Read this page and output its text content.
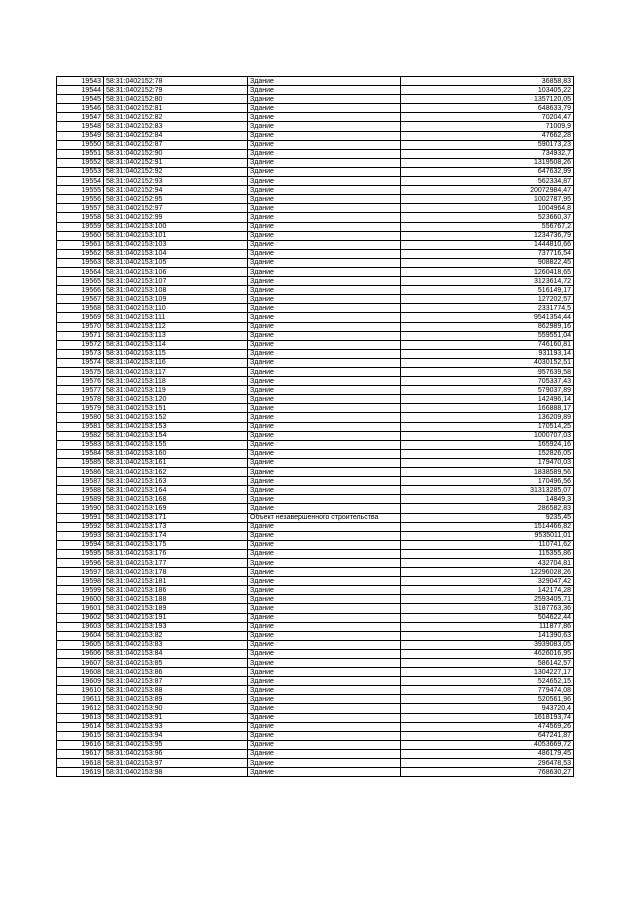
19543	58:31:0402152:78	Здание	36858,83
19544	58:31:0402152:79	Здание	103405,22
19545	58:31:0402152:80	Здание	1357120,05
19546	58:31:0402152:81	Здание	648633,79
19547	58:31:0402152:82	Здание	70204,47
19548	58:31:0402152:83	Здание	71009,9
19549	58:31:0402152:84	Здание	47662,28
19550	58:31:0402152:87	Здание	590173,23
19551	58:31:0402152:90	Здание	734932,7
19552	58:31:0402152:91	Здание	1319508,26
19553	58:31:0402152:92	Здание	647632,99
19554	58:31:0402152:93	Здание	562334,87
19555	58:31:0402152:94	Здание	20072984,47
19556	58:31:0402152:95	Здание	1002787,95
19557	58:31:0402152:97	Здание	1004964,8
19558	58:31:0402152:99	Здание	523660,37
19559	58:31:0402153:100	Здание	556767,2
19560	58:31:0402153:101	Здание	1234736,79
19561	58:31:0402153:103	Здание	1444810,66
19562	58:31:0402153:104	Здание	737716,54
19563	58:31:0402153:105	Здание	908822,45
19564	58:31:0402153:106	Здание	1260418,65
19565	58:31:0402153:107	Здание	3123614,72
19566	58:31:0402153:108	Здание	516149,17
19567	58:31:0402153:109	Здание	127202,57
19568	58:31:0402153:110	Здание	2331774,5
19569	58:31:0402153:111	Здание	9541354,44
19570	58:31:0402153:112	Здание	862989,16
19571	58:31:0402153:113	Здание	559551,04
19572	58:31:0402153:114	Здание	746160,81
19573	58:31:0402153:115	Здание	931193,14
19574	58:31:0402153:116	Здание	4030152,51
19575	58:31:0402153:117	Здание	957639,58
19576	58:31:0402153:118	Здание	705337,43
19577	58:31:0402153:119	Здание	579037,89
19578	58:31:0402153:120	Здание	142496,14
19579	58:31:0402153:151	Здание	166888,17
19580	58:31:0402153:152	Здание	136209,89
19581	58:31:0402153:153	Здание	170514,25
19582	58:31:0402153:154	Здание	1000707,03
19583	58:31:0402153:155	Здание	165924,16
19584	58:31:0402153:160	Здание	152826,05
19585	58:31:0402153:161	Здание	179470,03
19586	58:31:0402153:162	Здание	1838589,56
19587	58:31:0402153:163	Здание	170496,56
19588	58:31:0402153:164	Здание	31313285,07
19589	58:31:0402153:168	Здание	14849,3
19590	58:31:0402153:169	Здание	286582,83
19591	58:31:0402153:171	Объект незавершенного строительства	9235,45
19592	58:31:0402153:173	Здание	1514466,82
19593	58:31:0402153:174	Здание	9535011,01
19594	58:31:0402153:175	Здание	110741,62
19595	58:31:0402153:176	Здание	115355,86
19596	58:31:0402153:177	Здание	432704,81
19597	58:31:0402153:178	Здание	12296028,26
19598	58:31:0402153:181	Здание	329047,42
19599	58:31:0402153:186	Здание	142174,28
19600	58:31:0402153:188	Здание	2593405,71
19601	58:31:0402153:189	Здание	3187763,36
19602	58:31:0402153:191	Здание	504622,44
19603	58:31:0402153:193	Здание	111877,86
19604	58:31:0402153:82	Здание	141390,63
19605	58:31:0402153:83	Здание	3939083,05
19606	58:31:0402153:84	Здание	4626016,95
19607	58:31:0402153:85	Здание	586142,57
19608	58:31:0402153:86	Здание	1304227,17
19609	58:31:0402153:87	Здание	524652,15
19610	58:31:0402153:88	Здание	779474,08
19611	58:31:0402153:89	Здание	520561,96
19612	58:31:0402153:90	Здание	943720,4
19613	58:31:0402153:91	Здание	1618193,74
19614	58:31:0402153:93	Здание	474569,26
19615	58:31:0402153:94	Здание	647241,87
19616	58:31:0402153:95	Здание	4053669,72
19617	58:31:0402153:96	Здание	486179,45
19618	58:31:0402153:97	Здание	296478,53
19619	58:31:0402153:98	Здание	768630,27
